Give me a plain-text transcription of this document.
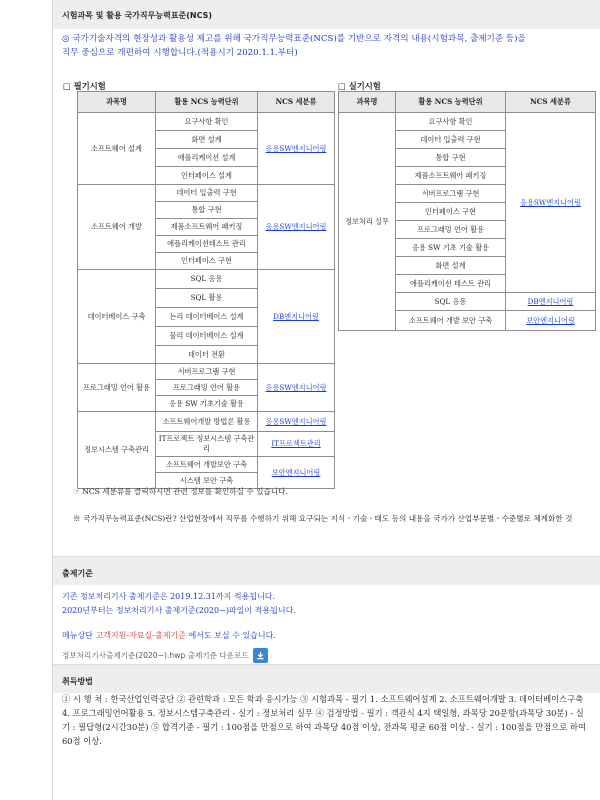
시험과목 및 활용 국가직무능력표준(NCS)
◎ 국가기술자격의 현장성과 활용성 제고를 위해 국가직무능력표준(NCS)를 기반으로 자격의 내용(시험과목, 출제기준 등)을 직무 중심으로 개편하여 시행합니다.(적용시기 2020.1.1.부터)
□ 필기시험	□ 실기시험
과목명	활용 NCS 능력단위	NCS 세분류
소프트웨어 설계	요구사항 확인	응용SW엔지니어링
	화면 설계	
	애플리케이션 설계	
	인터페이스 설계	
소프트웨어 개발	데이터 입출력 구현	응용SW엔지니어링
	통합 구현	
	제품소프트웨어 패키징	
	애플리케이션테스트 관리	
	인터페이스 구현	
데이터베이스 구축	SQL 응용	DB엔지니어링
	SQL 활용	
	논리 데이터베이스 설계	
	물리 데이터베이스 설계	
	데이터 전환	
프로그래밍 언어 활용	서버프로그램 구현	응용SW엔지니어링
	프로그래밍 언어 활용	
	응용 SW 기초기술 활용	
정보시스템 구축관리	소프트웨어개발 방법론 활용	응용SW엔지니어링
	IT프로젝트 정보시스템 구축관리	IT프로젝트관리
	소프트웨어 개발보안 구축	보안엔지니어링
	시스템 보안 구축	
과목명	활용 NCS 능력단위	NCS 세분류
정보처리 실무	요구사항 확인	응용SW엔지니어링
	데이터 입출력 구현	
	통합 구현	
	제품소프트웨어 패키징	
	서버프로그램 구현	
	인터페이스 구현	
	프로그래밍 언어 활용	
	응용 SW 기초 기술 활용	
	화면 설계	
	애플리케이션 테스트 관리	
	SQL 응용	DB엔지니어링
	소프트웨어 개발 보안 구축	보안엔지니어링
☞ NCS 세분류를 클릭하시면 관련 정보를 확인하실 수 있습니다.
※ 국가직무능력표준(NCS)란? 산업현장에서 직무를 수행하기 위해 요구되는 지식ㆍ기술ㆍ태도 등의 내용을 국가가 산업부문별ㆍ수준별로 체계화한 것
출제기준
기존 정보처리기사 출제기준은 2019.12.31까지 적용됩니다.
2020년부터는 정보처리기사 출제기준(2020~)파일이 적용됩니다.
메뉴상단 고객지원-자료실-출제기준 에서도 보실 수 있습니다.
정보처리기사출제기준(2020~).hwp 출제기준 다운로드
취득방법
① 시 행 처 : 한국산업인력공단 ② 관련학과 : 모든 학과 응시가능 ③ 시험과목 - 필기 1. 소프트웨어설계 2. 소프트웨어개발 3. 데이터베이스구축 4. 프로그래밍언어활용 5. 정보시스템구축관리 - 실기 : 정보처리 실무 ④ 검정방법 - 필기 : 객관식 4지 택일형, 과목당 20문항(과목당 30분) - 실기 : 필답형(2시간30분) ⑤ 합격기준 - 필기 : 100점을 만점으로 하여 과목당 40점 이상, 전과목 평균 60점 이상. - 실기 : 100점을 만점으로 하여 60점 이상.
